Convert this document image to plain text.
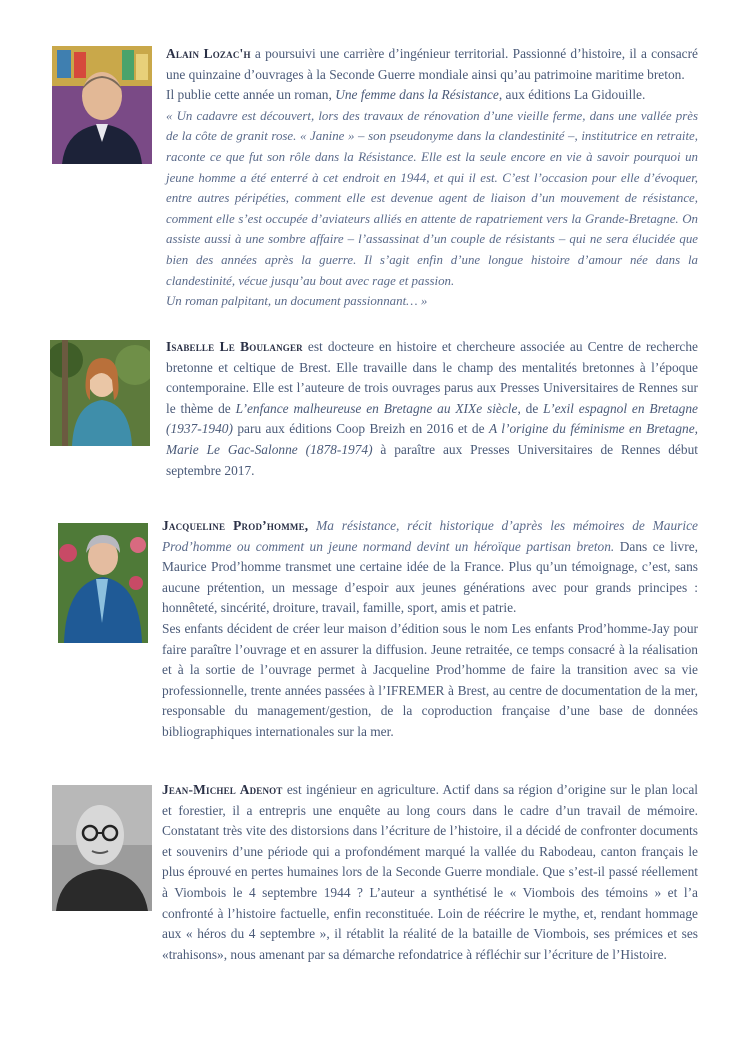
Alain Lozac'h a poursuivi une carrière d’ingénieur territorial. Passionné d’histoire, il a consacré une quinzaine d’ouvrages à la Seconde Guerre mondiale ainsi qu’au patrimoine maritime breton.

Il publie cette année un roman, Une femme dans la Résistance, aux éditions La Gidouille.

« Un cadavre est découvert, lors des travaux de rénovation d’une vieille ferme, dans une vallée près de la côte de granit rose. « Janine » – son pseudonyme dans la clandestinité –, institutrice en retraite, raconte ce que fut son rôle dans la Résistance. Elle est la seule encore en vie à savoir pourquoi un jeune homme a été enterré à cet endroit en 1944, et qui il est. C’est l’occasion pour elle d’évoquer, entre autres péripéties, comment elle est devenue agent de liaison d’un mouvement de résistance, comment elle s’est occupée d’aviateurs alliés en attente de rapatriement vers la Grande-Bretagne. On assiste aussi à une sombre affaire – l’assassinat d’un couple de résistants – qui ne sera élucidée que bien des années après la guerre. Il s’agit enfin d’une longue histoire d’amour née dans la clandestinité, vécue jusqu’au bout avec rage et passion.

Un roman palpitant, un document passionnant… »

Isabelle Le Boulanger est docteure en histoire et chercheure associée au Centre de recherche bretonne et celtique de Brest. Elle travaille dans le champ des mentalités bretonnes à l’époque contemporaine. Elle est l’auteure de trois ouvrages parus aux Presses Universitaires de Rennes sur le thème de L’enfance malheureuse en Bretagne au XIXe siècle, de L’exil espagnol en Bretagne (1937-1940) paru aux éditions Coop Breizh en 2016 et de A l’origine du féminisme en Bretagne, Marie Le Gac-Salonne (1878-1974) à paraître aux Presses Universitaires de Rennes début septembre 2017.

Jacqueline Prod’homme, Ma résistance, récit historique d’après les mémoires de Maurice Prod’homme ou comment un jeune normand devint un héroïque partisan breton. Dans ce livre, Maurice Prod’homme transmet une certaine idée de la France. Plus qu’un témoignage, c’est, sans aucune prétention, un message d’espoir aux jeunes générations avec pour grands principes : honnêteté, sincérité, droiture, travail, famille, sport, amis et patrie.

Ses enfants décident de créer leur maison d’édition sous le nom Les enfants Prod’homme-Jay pour faire paraître l’ouvrage et en assurer la diffusion. Jeune retraitée, ce temps consacré à la réalisation et à la sortie de l’ouvrage permet à Jacqueline Prod’homme de faire la transition avec sa vie professionnelle, trente années passées à l’IFREMER à Brest, au centre de documentation de la mer, responsable du management/gestion, de la coproduction française d’une base de données bibliographiques internationales sur la mer.

Jean-Michel Adenot est ingénieur en agriculture. Actif dans sa région d’origine sur le plan local et forestier, il a entrepris une enquête au long cours dans le cadre d’un travail de mémoire. Constatant très vite des distorsions dans l’écriture de l’histoire, il a décidé de confronter documents et souvenirs d’une période qui a profondément marqué la vallée du Rabodeau, canton français le plus éprouvé en pertes humaines lors de la Seconde Guerre mondiale. Que s’est-il passé réellement à Viombois le 4 septembre 1944 ? L’auteur a synthétisé le « Viombois des témoins » et l’a confronté à l’histoire factuelle, enfin reconstituée. Loin de réécrire le mythe, et, rendant hommage aux « héros du 4 septembre », il rétablit la réalité de la bataille de Viombois, ses prémices et ses «trahisons», nous amenant par sa démarche refondatrice à réfléchir sur l’écriture de l’Histoire.
